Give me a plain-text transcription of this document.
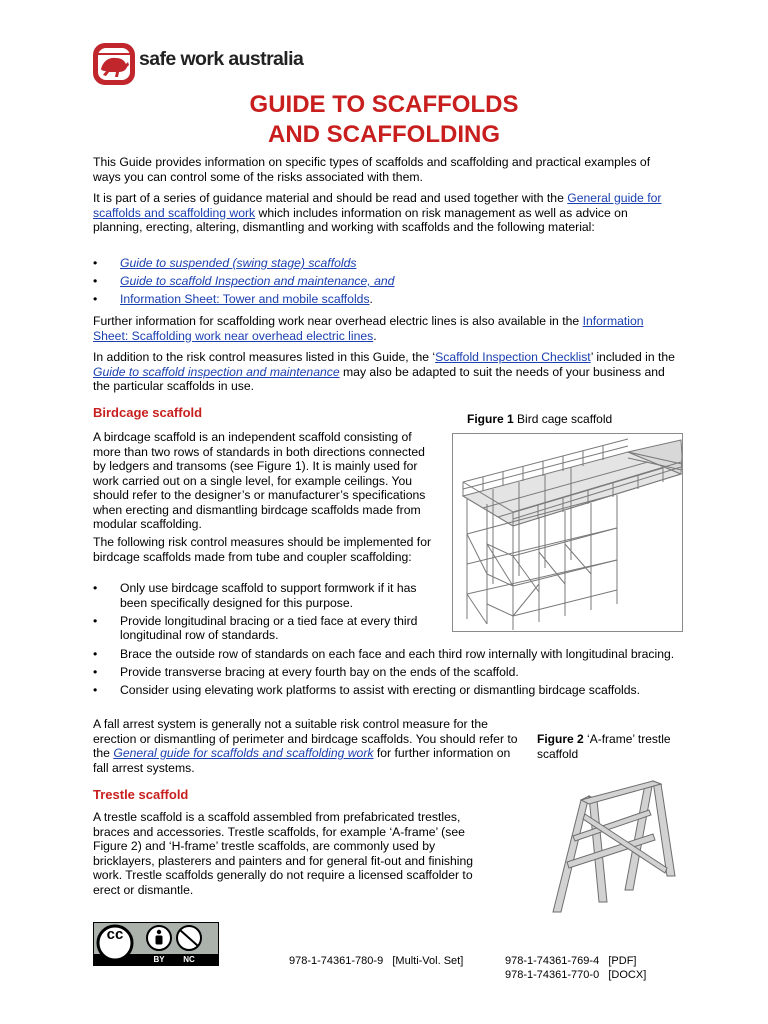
safe work australia
GUIDE TO SCAFFOLDS
AND SCAFFOLDING

This Guide provides information on specific types of scaffolds and scaffolding and practical examples of ways you can control some of the risks associated with them.

It is part of a series of guidance material and should be read and used together with the General guide for scaffolds and scaffolding work which includes information on risk management as well as advice on planning, erecting, altering, dismantling and working with scaffolds and the following material:

• Guide to suspended (swing stage) scaffolds
• Guide to scaffold Inspection and maintenance, and
• Information Sheet: Tower and mobile scaffolds.

Further information for scaffolding work near overhead electric lines is also available in the Information Sheet: Scaffolding work near overhead electric lines.

In addition to the risk control measures listed in this Guide, the ‘Scaffold Inspection Checklist’ included in the Guide to scaffold inspection and maintenance may also be adapted to suit the needs of your business and the particular scaffolds in use.

Birdcage scaffold	Figure 1 Bird cage scaffold

A birdcage scaffold is an independent scaffold consisting of more than two rows of standards in both directions connected by ledgers and transoms (see Figure 1). It is mainly used for work carried out on a single level, for example ceilings. You should refer to the designer’s or manufacturer’s specifications when erecting and dismantling birdcage scaffolds made from modular scaffolding.

The following risk control measures should be implemented for birdcage scaffolds made from tube and coupler scaffolding:

• Only use birdcage scaffold to support formwork if it has been specifically designed for this purpose.
• Provide longitudinal bracing or a tied face at every third longitudinal row of standards.
• Brace the outside row of standards on each face and each third row internally with longitudinal bracing.
• Provide transverse bracing at every fourth bay on the ends of the scaffold.
• Consider using elevating work platforms to assist with erecting or dismantling birdcage scaffolds.

A fall arrest system is generally not a suitable risk control measure for the erection or dismantling of perimeter and birdcage scaffolds. You should refer to the General guide for scaffolds and scaffolding work for further information on fall arrest systems.

Figure 2 ‘A-frame’ trestle scaffold
Trestle scaffold

A trestle scaffold is a scaffold assembled from prefabricated trestles, braces and accessories. Trestle scaffolds, for example ‘A-frame’ (see Figure 2) and ‘H-frame’ trestle scaffolds, are commonly used by bricklayers, plasterers and painters and for general fit-out and finishing work. Trestle scaffolds generally do not require a licensed scaffolder to erect or dismantle.

cc
BY	NC	978-1-74361-780-9 [Multi-Vol. Set]	978-1-74361-769-4 [PDF]
978-1-74361-770-0 [DOCX]
